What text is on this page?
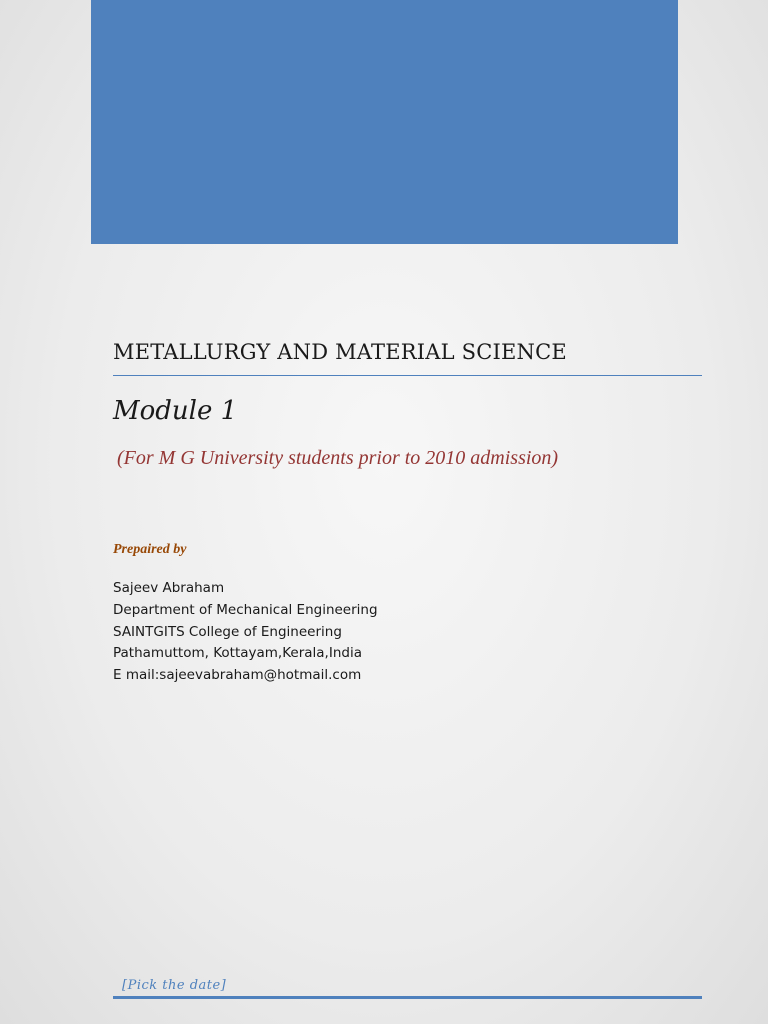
METALLURGY AND MATERIAL SCIENCE
Module 1
(For M G University students prior to 2010 admission)
Prepaired by
Sajeev Abraham
Department of Mechanical Engineering
SAINTGITS College of Engineering
Pathamuttom, Kottayam,Kerala,India
E mail:sajeevabraham@hotmail.com
[Pick the date]
